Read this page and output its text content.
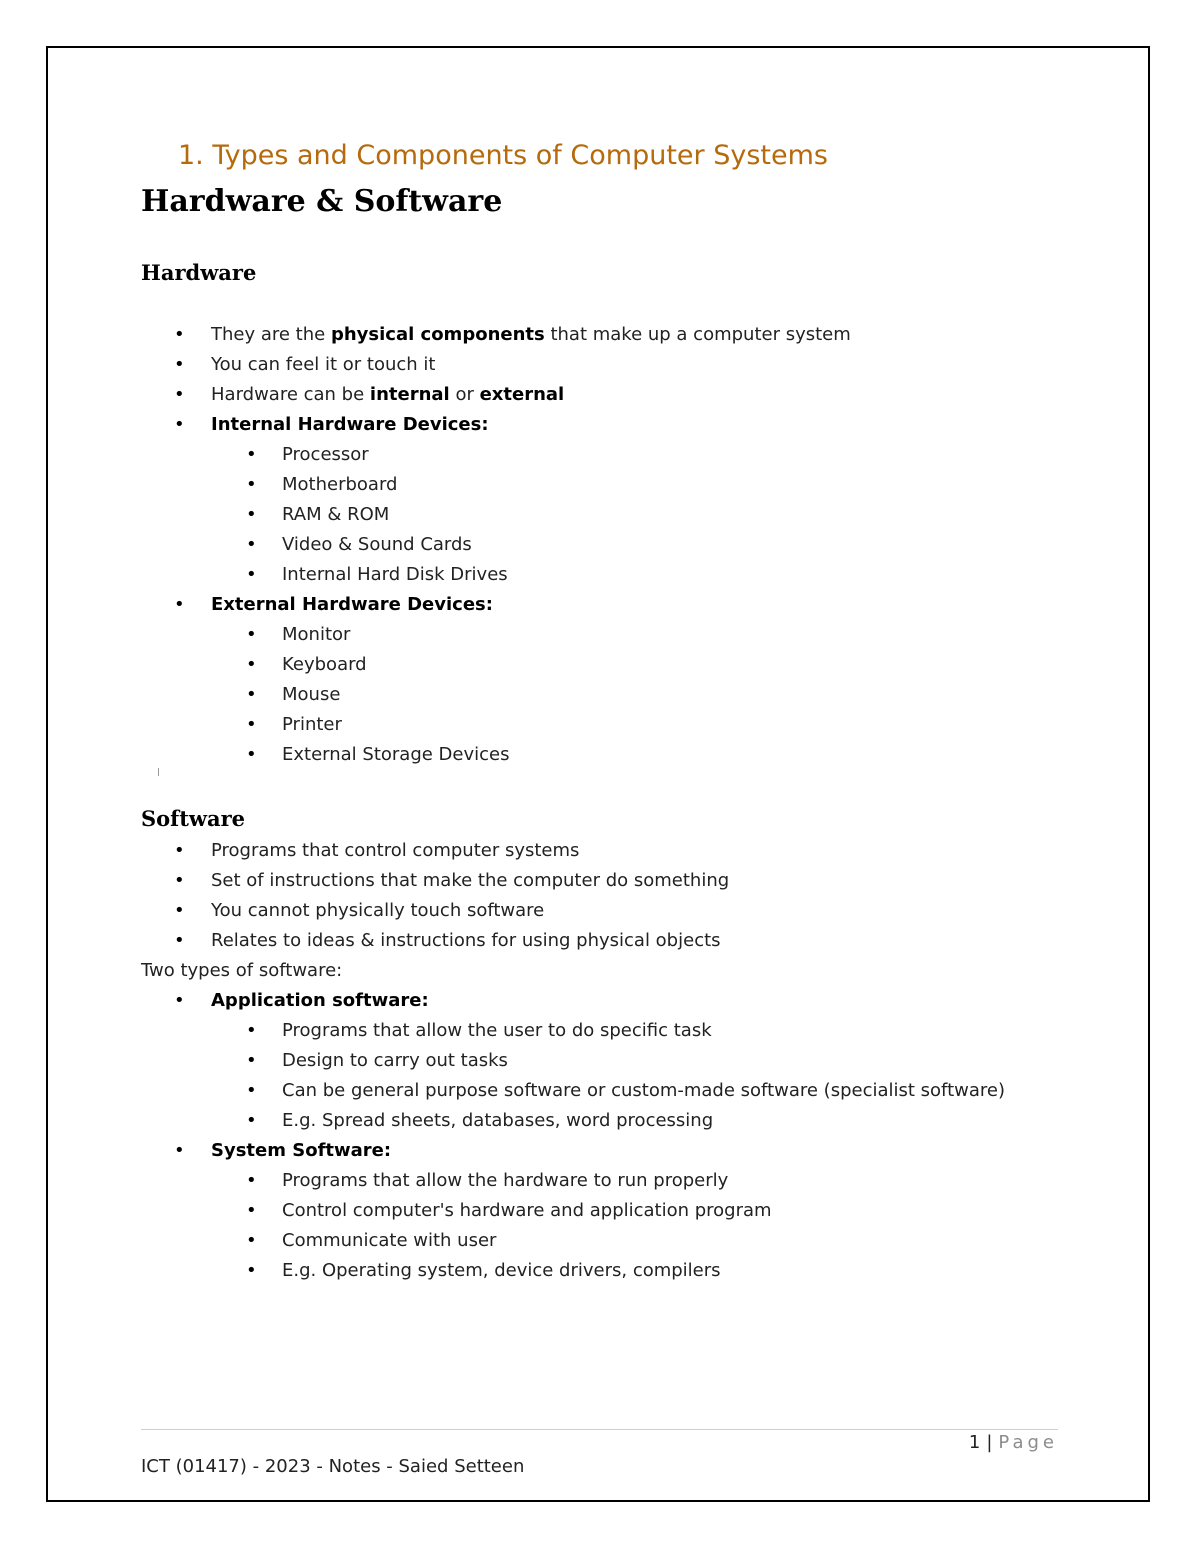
1. Types and Components of Computer Systems
Hardware & Software
Hardware
• They are the physical components that make up a computer system
• You can feel it or touch it
• Hardware can be internal or external
• Internal Hardware Devices:
• Processor
• Motherboard
• RAM & ROM
• Video & Sound Cards
• Internal Hard Disk Drives
• External Hardware Devices:
• Monitor
• Keyboard
• Mouse
• Printer
• External Storage Devices
Software
• Programs that control computer systems
• Set of instructions that make the computer do something
• You cannot physically touch software
• Relates to ideas & instructions for using physical objects
Two types of software:
• Application software:
• Programs that allow the user to do specific task
• Design to carry out tasks
• Can be general purpose software or custom-made software (specialist software)
• E.g. Spread sheets, databases, word processing
• System Software:
• Programs that allow the hardware to run properly
• Control computer's hardware and application program
• Communicate with user
• E.g. Operating system, device drivers, compilers
1 | Page
ICT (01417) - 2023 - Notes - Saied Setteen
